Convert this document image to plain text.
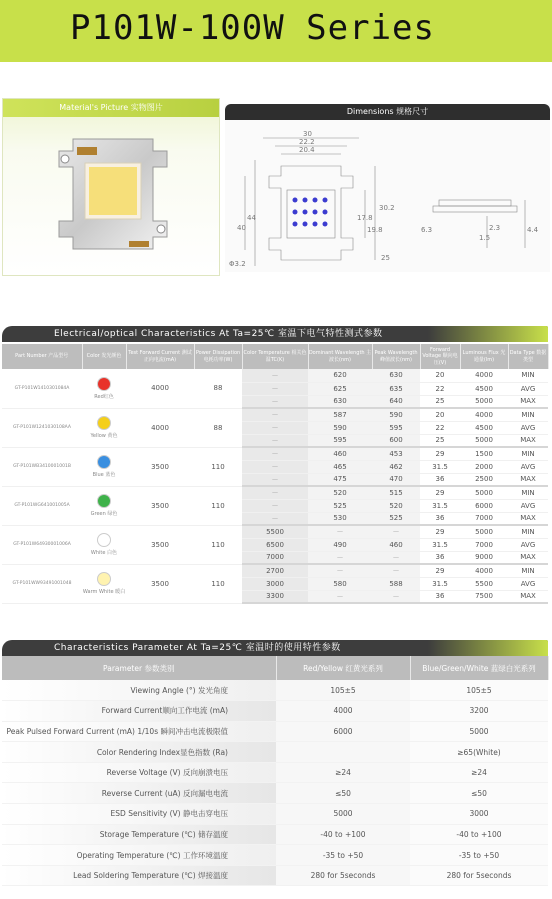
P101W-100W Series
Material's Picture 实物图片	Dimensions 规格尺寸
30
22.2
20.4
30.2
44
40
17.8
19.8
Φ3.2
25
6.3
1.5
2.3	4.4
Electrical/optical Characteristics At Ta=25℃ 室温下电气特性测式参数
Part Number 产品型号	Color 发光颜色	Test Forward Current 测试正向电流(mA)	Power Dissipation 电耗功率(W)	Color Temperature 相关色温TC(K)	Dominant Wavelength 主波长(nm)	Peak Wavelength 峰值波长(nm)	Forward Voltage 顺向电压(V)	Luminous Flux 光通量(lm)	Data Type 数据类型
GT-P101W1410301084A	Red红色	4000	88	—	620	630	20	4000	MIN
				—	625	635	22	4500	AVG
				—	630	640	25	5000	MAX
GT-P101W1241030108AA	Yellow 黄色	4000	88	—	587	590	20	4000	MIN
				—	590	595	22	4500	AVG
				—	595	600	25	5000	MAX
GT-P101WB3410001001B	Blue 蓝色	3500	110	—	460	453	29	1500	MIN
				—	465	462	31.5	2000	AVG
				—	475	470	36	2500	MAX
GT-P101WG641001005A	Green 绿色	3500	110	—	520	515	29	5000	MIN
				—	525	520	31.5	6000	AVG
				—	530	525	36	7000	MAX
GT-P101W64930001006A	White 白色	3500	110	5500	—	—	29	5000	MIN
				6500	490	460	31.5	7000	AVG
				7000	—	—	36	9000	MAX
GT-P101WW93491001048	Warm White 暖白	3500	110	2700	—	—	29	4000	MIN
				3000	580	588	31.5	5500	AVG
				3300	—	—	36	7500	MAX
Characteristics Parameter At Ta=25℃ 室温时的使用特性参数
Parameter 参数类别	Red/Yellow 红黄光系列	Blue/Green/White 蓝绿白光系列
Viewing Angle (°) 发光角度	105±5	105±5
Forward Current顺向工作电流 (mA)	4000	3200
Peak Pulsed Forward Current (mA) 1/10s 瞬间冲击电流极限值	6000	5000
Color Rendering Index显色指数 (Ra)		≥65(White)
Reverse Voltage (V) 反向崩溃电压	≥24	≥24
Reverse Current (uA) 反向漏电电流	≤50	≤50
ESD Sensitivity (V) 静电击穿电压	5000	3000
Storage Temperature (℃) 储存温度	-40 to +100	-40 to +100
Operating Temperature (℃) 工作环境温度	-35 to +50	-35 to +50
Lead Soldering Temperature (℃) 焊接温度	280 for 5seconds	280 for 5seconds
